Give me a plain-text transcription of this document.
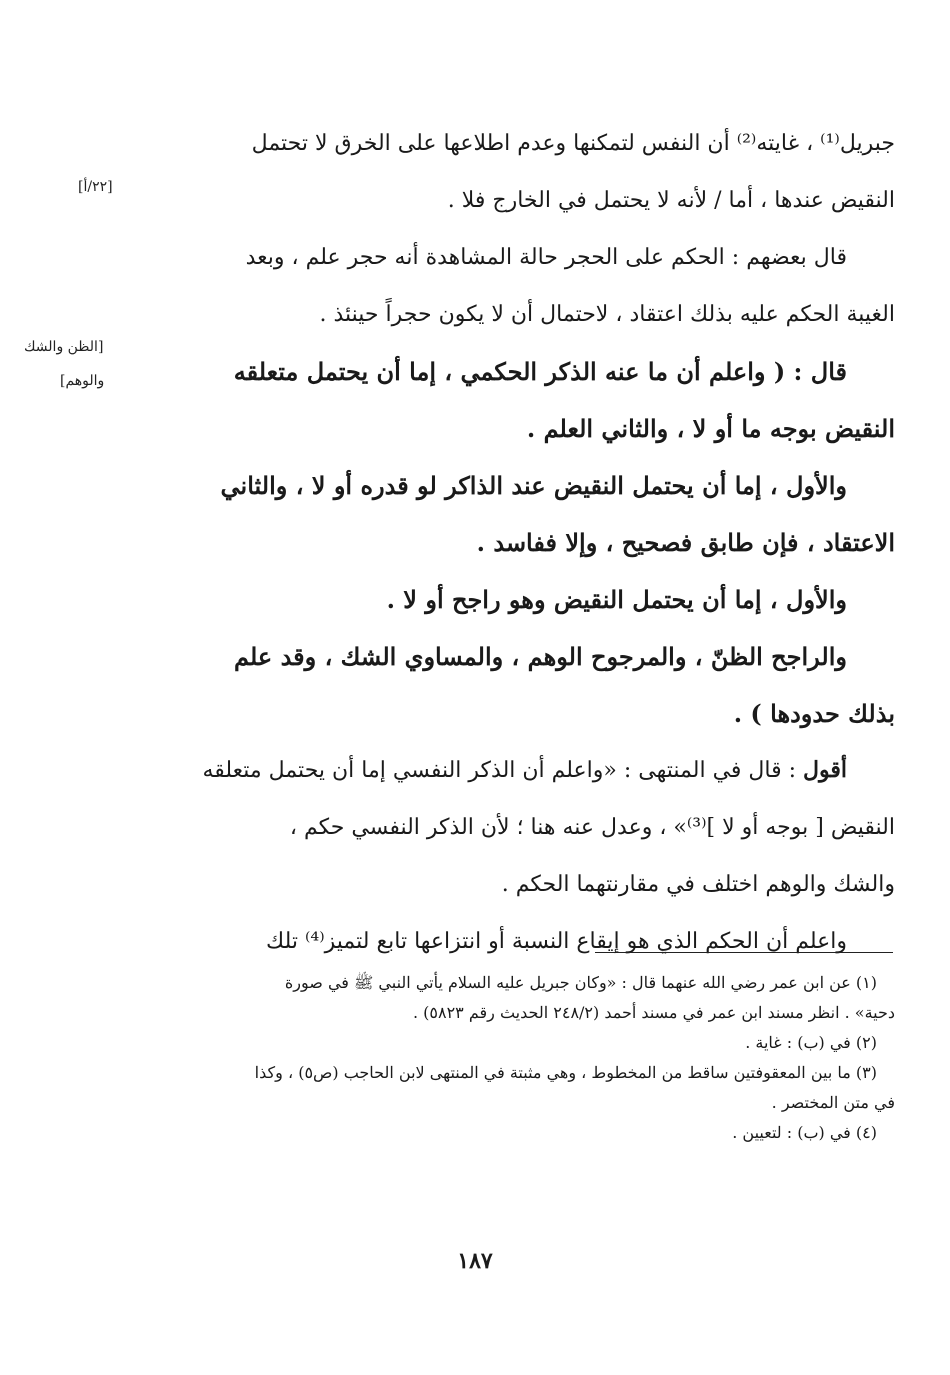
جبريل⁽¹⁾ ، غايته⁽²⁾ أن النفس لتمكنها وعدم اطلاعها على الخرق لا تحتمل

النقيض عندها ، أما / لأنه لا يحتمل في الخارج فلا .

قال بعضهم : الحكم على الحجر حالة المشاهدة أنه حجر علم ، وبعد

الغيبة الحكم عليه بذلك اعتقاد ، لاحتمال أن لا يكون حجراً حينئذ .

قال : ( واعلم أن ما عنه الذكر الحكمي ، إما أن يحتمل متعلقه

النقيض بوجه ما أو لا ، والثاني العلم .

والأول ، إما أن يحتمل النقيض عند الذاكر لو قدره أو لا ، والثاني

الاعتقاد ، فإن طابق فصحيح ، وإلا ففاسد .

والأول ، إما أن يحتمل النقيض وهو راجح أو لا .

والراجح الظنّ ، والمرجوح الوهم ، والمساوي الشك ، وقد علم

بذلك حدودها ) .

أقول : قال في المنتهى : «واعلم أن الذكر النفسي إما أن يحتمل متعلقه

النقيض [ بوجه أو لا ]⁽³⁾» ، وعدل عنه هنا ؛ لأن الذكر النفسي حكم ،

والشك والوهم اختلف في مقارنتهما الحكم .

واعلم أن الحكم الذي هو إيقاع النسبة أو انتزاعها تابع لتميز⁽⁴⁾ تلك

[٢٢/أ]
[الظن والشك
والوهم]

(١) عن ابن عمر رضي الله عنهما قال : «وكان جبريل عليه السلام يأتي النبي ﷺ في صورة

دحية» . انظر مسند ابن عمر في مسند أحمد (٢٤٨/٢ الحديث رقم ٥٨٢٣) .

(٢) في (ب) : غاية .

(٣) ما بين المعقوفتين ساقط من المخطوط ، وهي مثبتة في المنتهى لابن الحاجب (ص٥) ، وكذا

في متن المختصر .

(٤) في (ب) : لتعيين .

١٨٧
